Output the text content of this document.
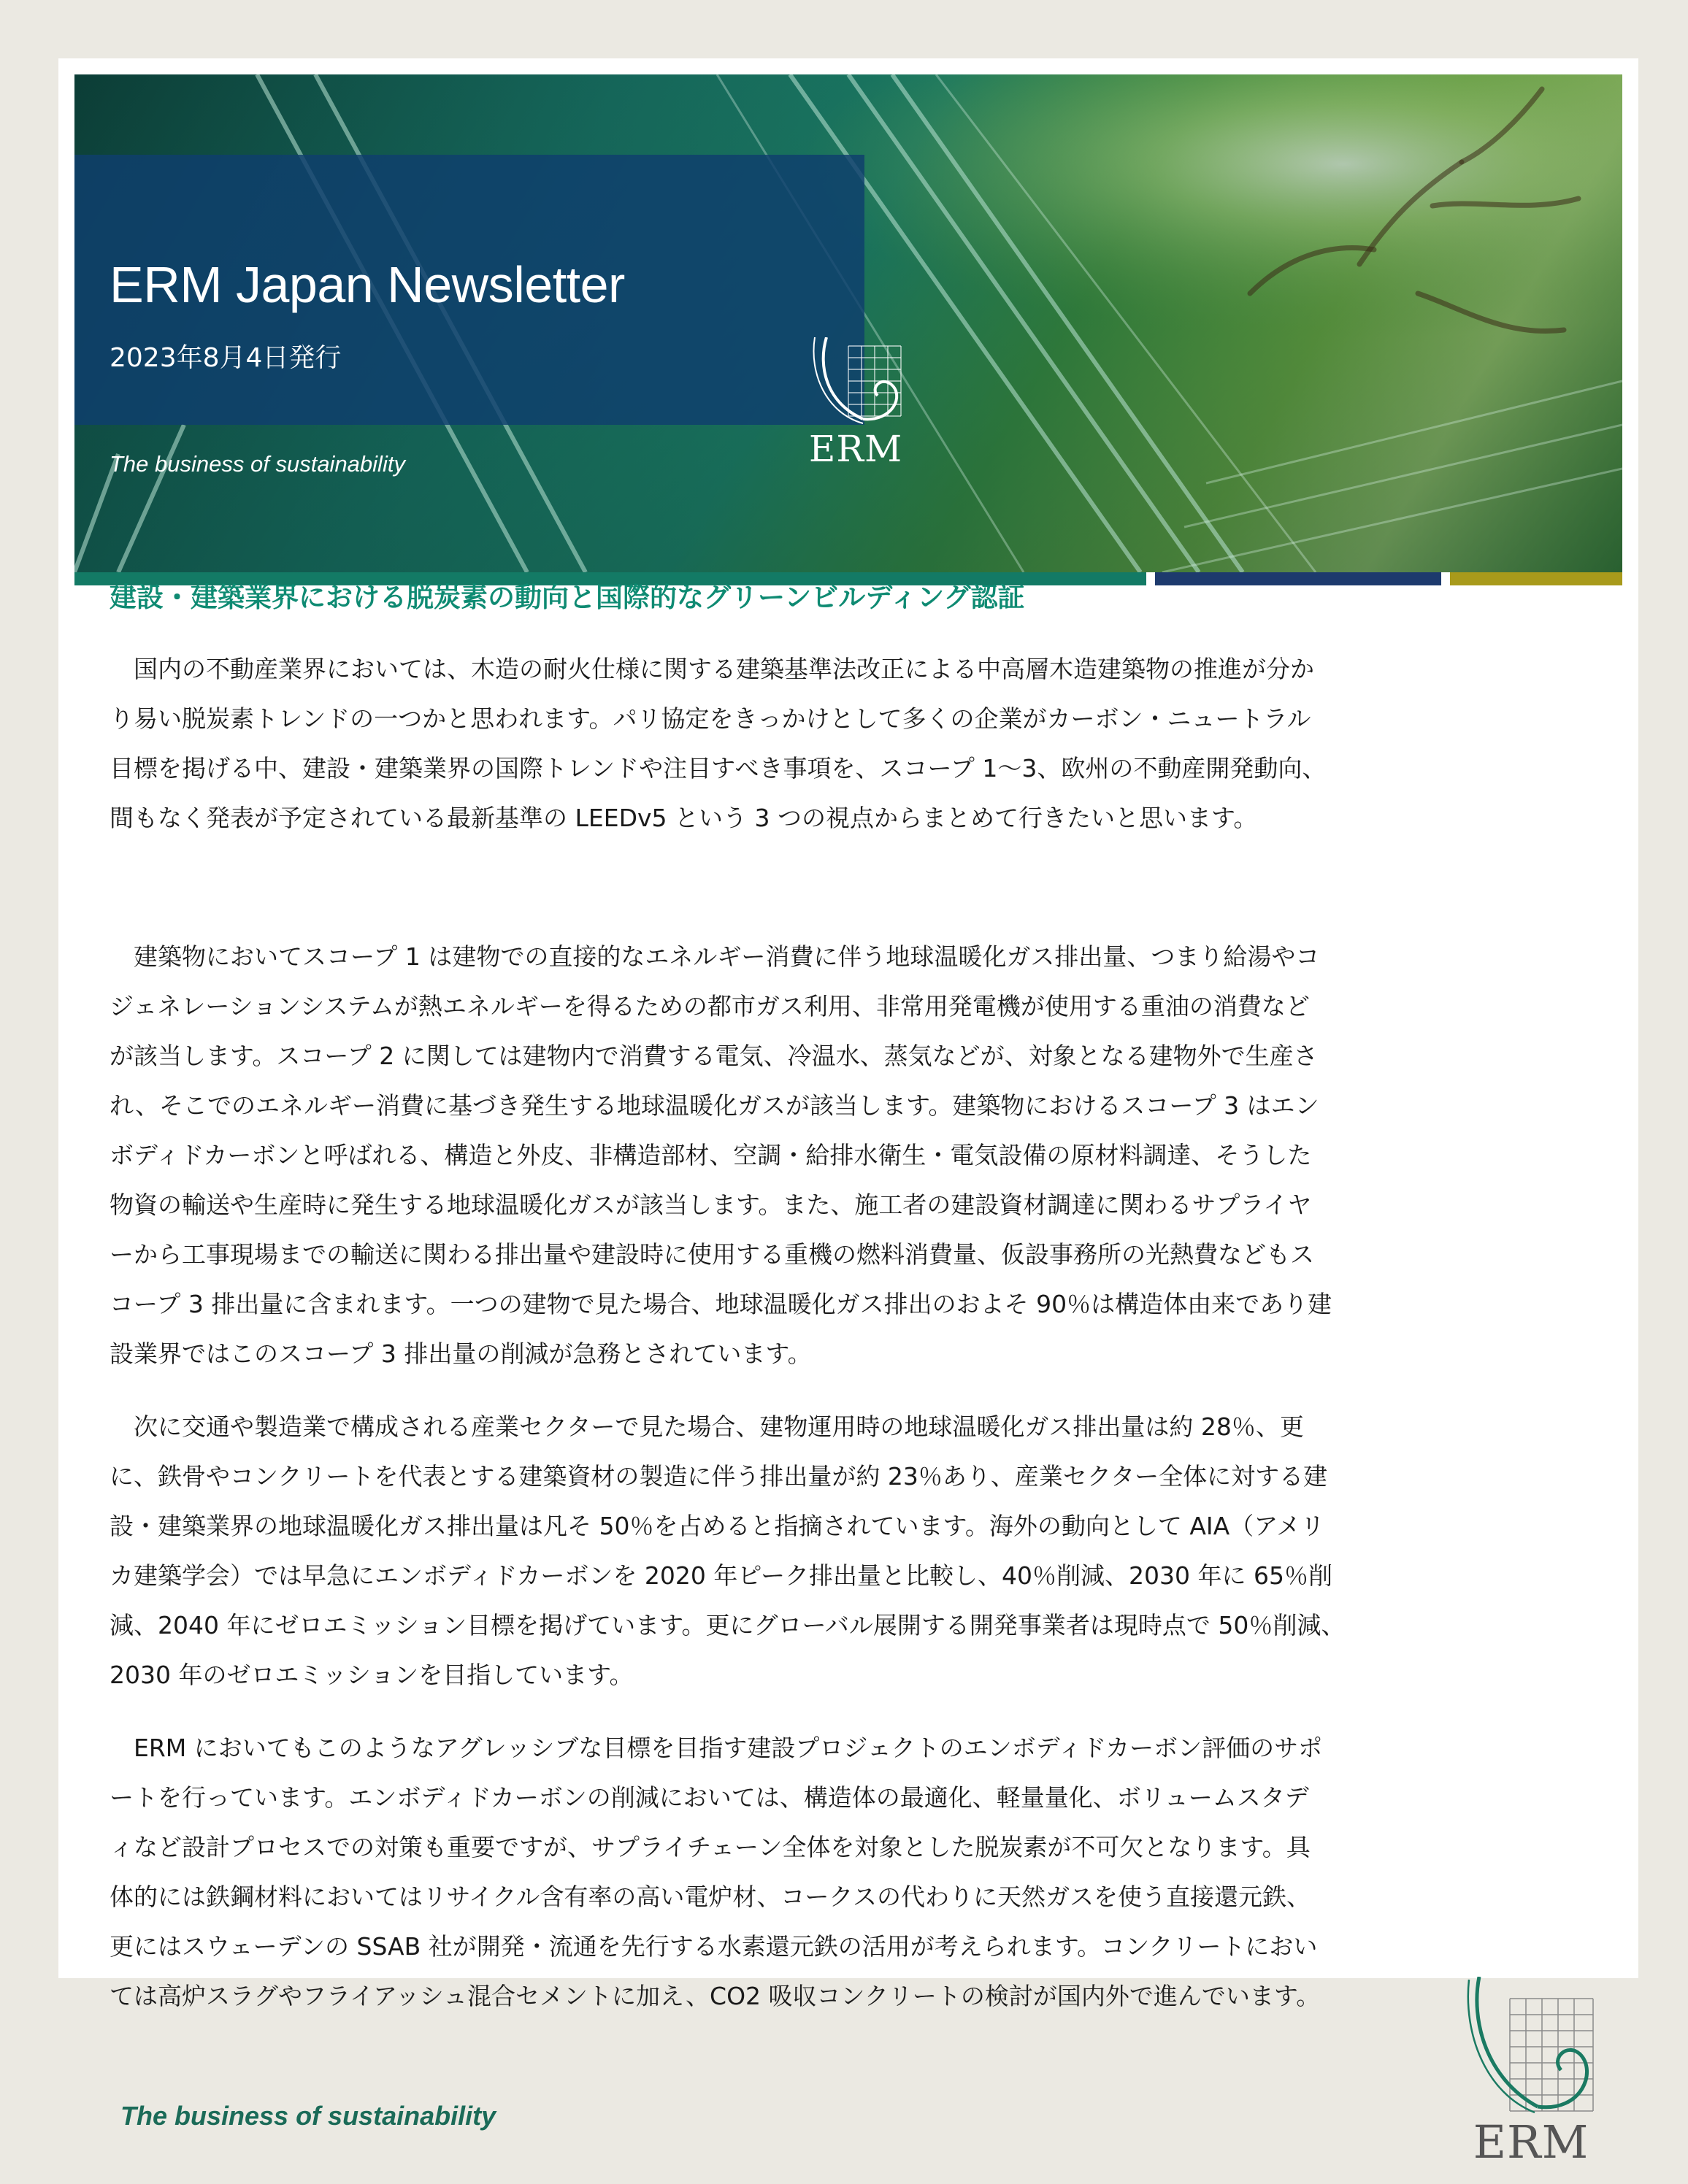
ERM Japan Newsletter
2023年8月4日発行
The business of sustainability	ERM
建設・建築業界における脱炭素の動向と国際的なグリーンビルディング認証
　国内の不動産業界においては、木造の耐火仕様に関する建築基準法改正による中高層木造建築物の推進が分か
り易い脱炭素トレンドの一つかと思われます。パリ協定をきっかけとして多くの企業がカーボン・ニュートラル
目標を掲げる中、建設・建築業界の国際トレンドや注目すべき事項を、スコープ 1〜3、欧州の不動産開発動向、
間もなく発表が予定されている最新基準の LEEDv5 という 3 つの視点からまとめて行きたいと思います。
　建築物においてスコープ 1 は建物での直接的なエネルギー消費に伴う地球温暖化ガス排出量、つまり給湯やコ
ジェネレーションシステムが熱エネルギーを得るための都市ガス利用、非常用発電機が使用する重油の消費など
が該当します。スコープ 2 に関しては建物内で消費する電気、冷温水、蒸気などが、対象となる建物外で生産さ
れ、そこでのエネルギー消費に基づき発生する地球温暖化ガスが該当します。建築物におけるスコープ 3 はエン
ボディドカーボンと呼ばれる、構造と外皮、非構造部材、空調・給排水衛生・電気設備の原材料調達、そうした
物資の輸送や生産時に発生する地球温暖化ガスが該当します。また、施工者の建設資材調達に関わるサプライヤ
ーから工事現場までの輸送に関わる排出量や建設時に使用する重機の燃料消費量、仮設事務所の光熱費などもス
コープ 3 排出量に含まれます。一つの建物で見た場合、地球温暖化ガス排出のおよそ 90％は構造体由来であり建
設業界ではこのスコープ 3 排出量の削減が急務とされています。
　次に交通や製造業で構成される産業セクターで見た場合、建物運用時の地球温暖化ガス排出量は約 28％、更
に、鉄骨やコンクリートを代表とする建築資材の製造に伴う排出量が約 23％あり、産業セクター全体に対する建
設・建築業界の地球温暖化ガス排出量は凡そ 50％を占めると指摘されています。海外の動向として AIA（アメリ
カ建築学会）では早急にエンボディドカーボンを 2020 年ピーク排出量と比較し、40％削減、2030 年に 65％削
減、2040 年にゼロエミッション目標を掲げています。更にグローバル展開する開発事業者は現時点で 50％削減、
2030 年のゼロエミッションを目指しています。
　ERM においてもこのようなアグレッシブな目標を目指す建設プロジェクトのエンボディドカーボン評価のサポ
ートを行っています。エンボディドカーボンの削減においては、構造体の最適化、軽量量化、ボリュームスタデ
ィなど設計プロセスでの対策も重要ですが、サプライチェーン全体を対象とした脱炭素が不可欠となります。具
体的には鉄鋼材料においてはリサイクル含有率の高い電炉材、コークスの代わりに天然ガスを使う直接還元鉄、
更にはスウェーデンの SSAB 社が開発・流通を先行する水素還元鉄の活用が考えられます。コンクリートにおい
ては高炉スラグやフライアッシュ混合セメントに加え、CO2 吸収コンクリートの検討が国内外で進んでいます。
The business of sustainability	ERM
